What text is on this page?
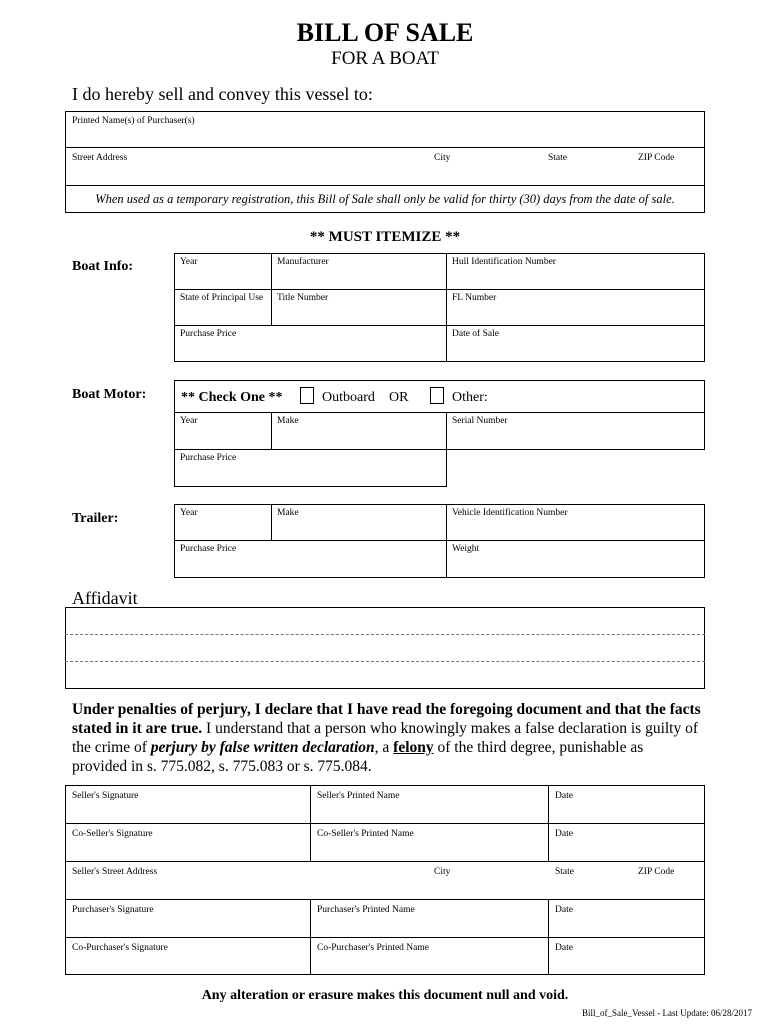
BILL OF SALE
FOR A BOAT
I do hereby sell and convey this vessel to:
Printed Name(s) of Purchaser(s)
Street Address	City	State	ZIP Code
When used as a temporary registration, this Bill of Sale shall only be valid for thirty (30) days from the date of sale.
** MUST ITEMIZE **
Boat Info:	Year	Manufacturer	Hull Identification Number
State of Principal Use	Title Number	FL Number
Purchase Price	Date of Sale
Boat Motor: ** Check One **	Outboard OR	Other:
Year	Make	Serial Number
Purchase Price
Trailer:	Year	Make	Vehicle Identification Number
Purchase Price	Weight
Affidavit
Under penalties of perjury, I declare that I have read the foregoing document and that the facts stated in it are true. I understand that a person who knowingly makes a false declaration is guilty of the crime of perjury by false written declaration, a felony of the third degree, punishable as provided in s. 775.082, s. 775.083 or s. 775.084.
Seller's Signature	Seller's Printed Name	Date
Co-Seller's Signature	Co-Seller's Printed Name	Date
Seller's Street Address	City	State	ZIP Code
Purchaser's Signature	Purchaser's Printed Name	Date
Co-Purchaser's Signature	Co-Purchaser's Printed Name	Date
Any alteration or erasure makes this document null and void.
Bill_of_Sale_Vessel - Last Update: 06/28/2017
